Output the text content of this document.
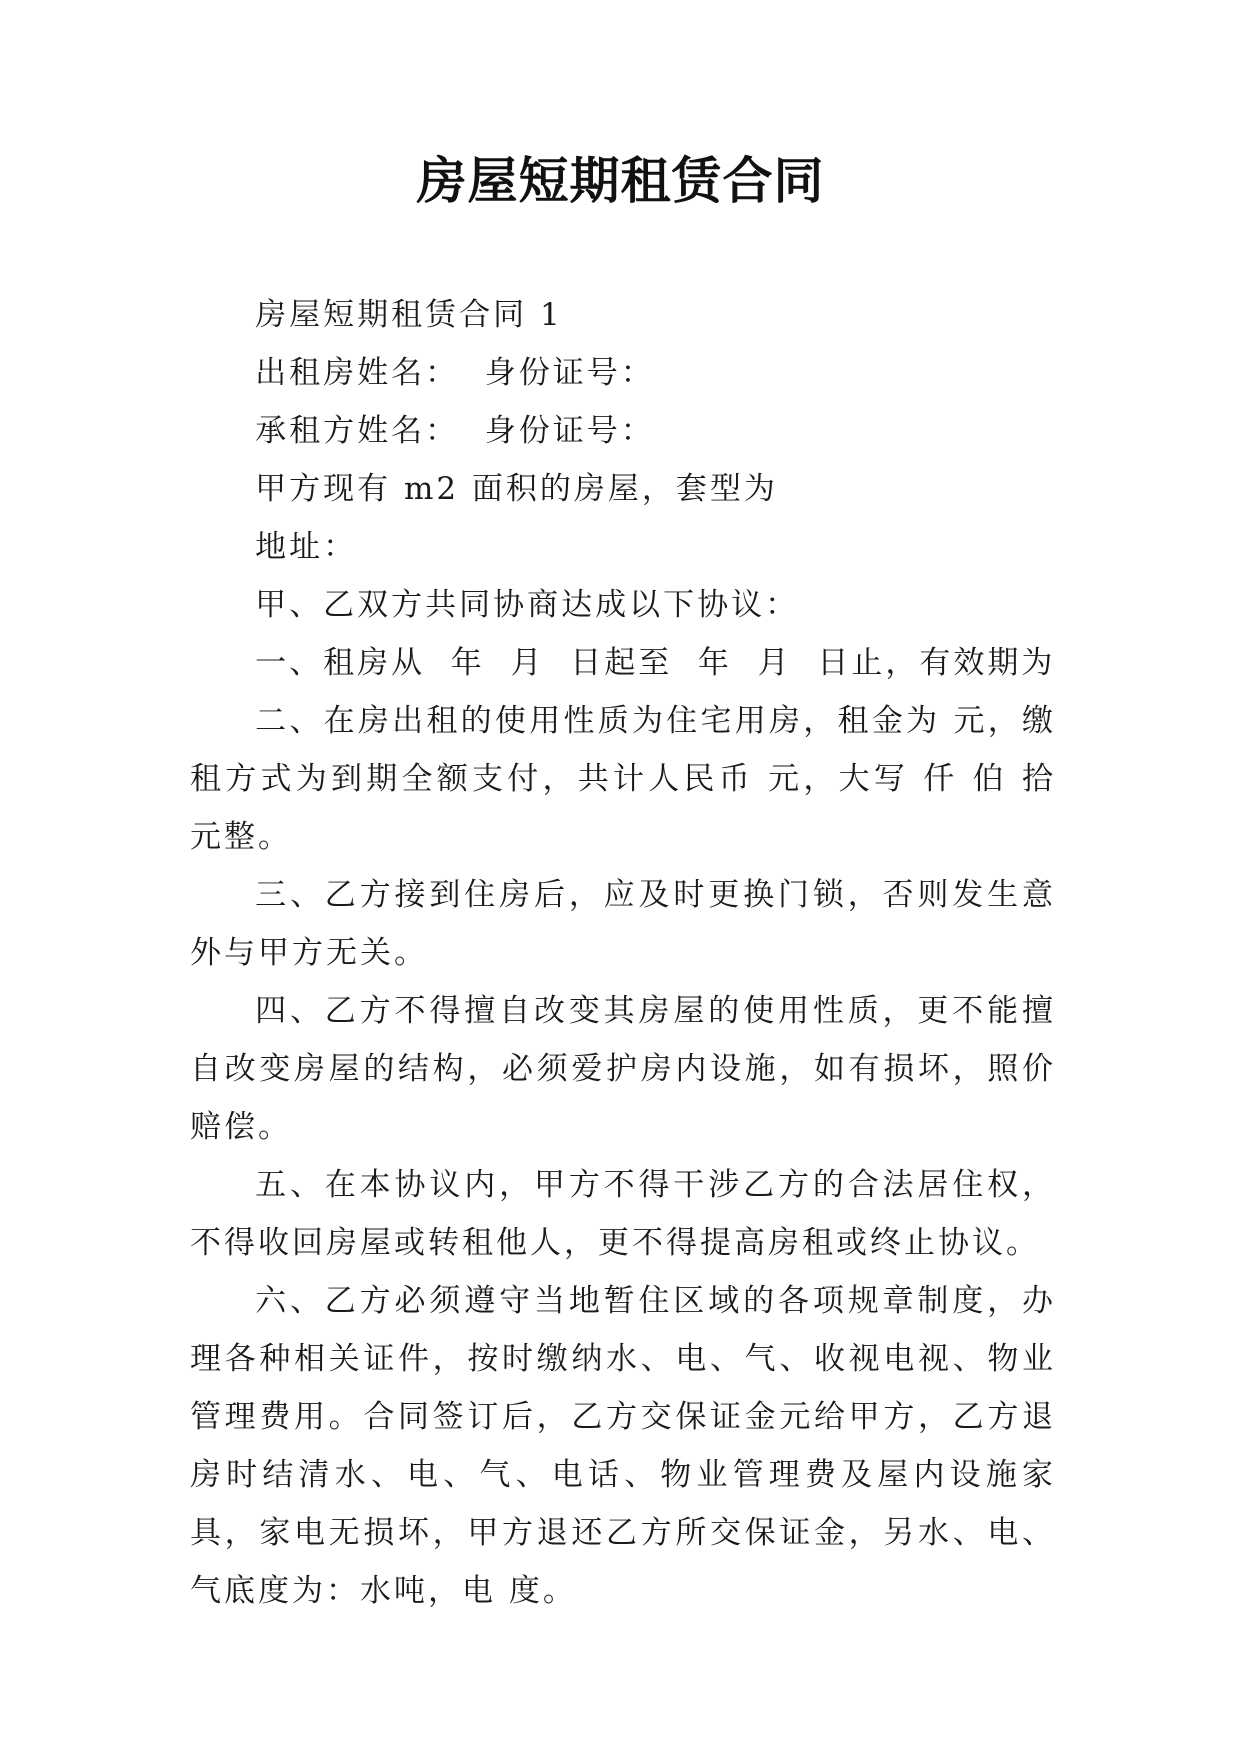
房屋短期租赁合同

房屋短期租赁合同 1

出租房姓名：  身份证号：

承租方姓名：  身份证号：

甲方现有 m2 面积的房屋，套型为

地址：

甲、乙双方共同协商达成以下协议：

一、租房从  年  月  日起至  年  月  日止，有效期为

二、在房出租的使用性质为住宅用房，租金为 元，缴租方式为到期全额支付，共计人民币 元，大写 仟 伯 拾元整。

三、乙方接到住房后，应及时更换门锁，否则发生意外与甲方无关。

四、乙方不得擅自改变其房屋的使用性质，更不能擅自改变房屋的结构，必须爱护房内设施，如有损坏，照价赔偿。

五、在本协议内，甲方不得干涉乙方的合法居住权，不得收回房屋或转租他人，更不得提高房租或终止协议。

六、乙方必须遵守当地暂住区域的各项规章制度，办理各种相关证件，按时缴纳水、电、气、收视电视、物业管理费用。合同签订后，乙方交保证金元给甲方，乙方退房时结清水、电、气、电话、物业管理费及屋内设施家具，家电无损坏，甲方退还乙方所交保证金，另水、电、气底度为：水吨，电 度。
